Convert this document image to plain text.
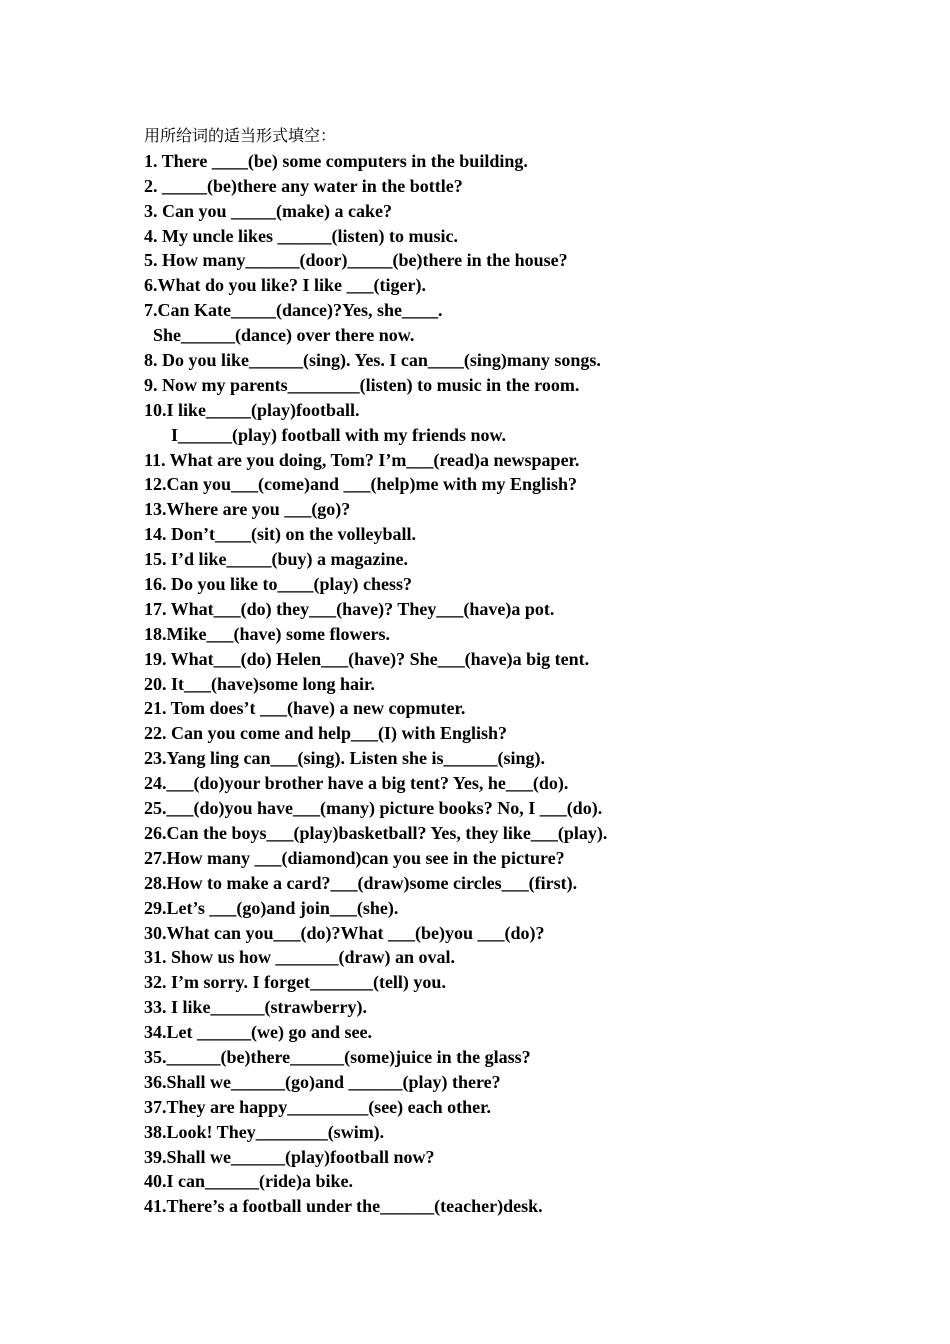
用所给词的适当形式填空：
1. There ____(be) some computers in the building.
2. _____(be)there any water in the bottle?
3. Can you _____(make) a cake?
4. My uncle likes ______(listen) to music.
5. How many______(door)_____(be)there in the house?
6.What do you like? I like ___(tiger).
7.Can Kate_____(dance)?Yes, she____.
She______(dance) over there now.
8. Do you like______(sing). Yes. I can____(sing)many songs.
9. Now my parents________(listen) to music in the room.
10.I like_____(play)football.
I______(play) football with my friends now.
11. What are you doing, Tom? I’m___(read)a newspaper.
12.Can you___(come)and ___(help)me with my English?
13.Where are you ___(go)?
14. Don’t____(sit) on the volleyball.
15. I’d like_____(buy) a magazine.
16. Do you like to____(play) chess?
17. What___(do) they___(have)? They___(have)a pot.
18.Mike___(have) some flowers.
19. What___(do) Helen___(have)? She___(have)a big tent.
20. It___(have)some long hair.
21. Tom does’t ___(have) a new copmuter.
22. Can you come and help___(I) with English?
23.Yang ling can___(sing). Listen she is______(sing).
24.___(do)your brother have a big tent? Yes, he___(do).
25.___(do)you have___(many) picture books? No, I ___(do).
26.Can the boys___(play)basketball? Yes, they like___(play).
27.How many ___(diamond)can you see in the picture?
28.How to make a card?___(draw)some circles___(first).
29.Let’s ___(go)and join___(she).
30.What can you___(do)?What ___(be)you ___(do)?
31. Show us how _______(draw) an oval.
32. I’m sorry. I forget_______(tell) you.
33. I like______(strawberry).
34.Let ______(we) go and see.
35.______(be)there______(some)juice in the glass?
36.Shall we______(go)and ______(play) there?
37.They are happy_________(see) each other.
38.Look! They________(swim).
39.Shall we______(play)football now?
40.I can______(ride)a bike.
41.There’s a football under the______(teacher)desk.
